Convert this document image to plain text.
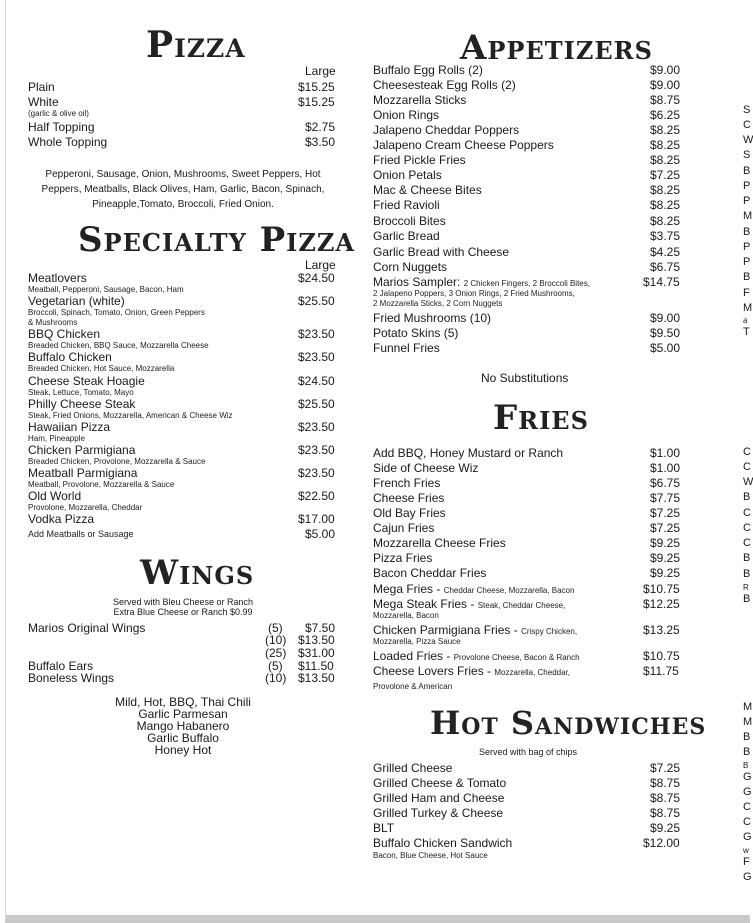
Pizza
Large
Plain	$15.25
White	$15.25
(garlic & olive oil)
Half Topping	$2.75
Whole Topping	$3.50
Pepperoni, Sausage, Onion, Mushrooms, Sweet Peppers, Hot
Peppers, Meatballs, Black Olives, Ham, Garlic, Bacon, Spinach,
Pineapple,Tomato, Broccoli, Fried Onion.
Specialty Pizza
Large
Meatlovers	$24.50
Meatball, Pepperoni, Sausage, Bacon, Ham
Vegetarian (white)	$25.50
Broccoli, Spinach, Tomato, Onion, Green Peppers
& Mushrooms
BBQ Chicken	$23.50
Breaded Chicken, BBQ Sauce, Mozzarella Cheese
Buffalo Chicken	$23.50
Breaded Chicken, Hot Sauce, Mozzarella
Cheese Steak Hoagie	$24.50
Steak, Lettuce, Tomato, Mayo
Philly Cheese Steak	$25.50
Steak, Fried Onions, Mozzarella, American & Cheese Wiz
Hawaiian Pizza	$23.50
Ham, Pineapple
Chicken Parmigiana	$23.50
Breaded Chicken, Provolone, Mozzarella & Sauce
Meatball Parmigiana	$23.50
Meatball, Provolone, Mozzarella & Sauce
Old World	$22.50
Provolone, Mozzarella, Cheddar
Vodka Pizza	$17.00
Add Meatballs or Sausage	$5.00
Wings
Served with Bleu Cheese or Ranch
Extra Blue Cheese or Ranch $0.99
Marios Original Wings	(5) $7.50
(10) $13.50
(25) $31.00
Buffalo Ears	(5) $11.50
Boneless Wings	(10) $13.50
Mild, Hot, BBQ, Thai Chili
Garlic Parmesan
Mango Habanero
Garlic Buffalo
Honey Hot
Appetizers
Buffalo Egg Rolls (2)	$9.00
Cheesesteak Egg Rolls (2)	$9.00
Mozzarella Sticks	$8.75
Onion Rings	$6.25
Jalapeno Cheddar Poppers	$8.25
Jalapeno Cream Cheese Poppers	$8.25
Fried Pickle Fries	$8.25
Onion Petals	$7.25
Mac & Cheese Bites	$8.25
Fried Ravioli	$8.25
Broccoli Bites	$8.25
Garlic Bread	$3.75
Garlic Bread with Cheese	$4.25
Corn Nuggets	$6.75
Marios Sampler: 2 Chicken Fingers, 2 Broccoli Bites,	$14.75
2 Jalapeno Poppers, 3 Onion Rings, 2 Fried Mushrooms,
2 Mozzarella Sticks, 2 Corn Nuggets
Fried Mushrooms (10)	$9.00
Potato Skins (5)	$9.50
Funnel Fries	$5.00
No Substitutions
Fries
Add BBQ, Honey Mustard or Ranch	$1.00
Side of Cheese Wiz	$1.00
French Fries	$6.75
Cheese Fries	$7.75
Old Bay Fries	$7.25
Cajun Fries	$7.25
Mozzarella Cheese Fries	$9.25
Pizza Fries	$9.25
Bacon Cheddar Fries	$9.25
Mega Fries - Cheddar Cheese, Mozzarella, Bacon	$10.75
Mega Steak Fries - Steak, Cheddar Cheese,	$12.25
Mozzarella, Bacon
Chicken Parmigiana Fries - Crispy Chicken,	$13.25
Mozzarella, Pizza Sauce
Loaded Fries - Provolone Cheese, Bacon & Ranch	$10.75
Cheese Lovers Fries - Mozzarella, Cheddar,	$11.75
Provolone & American
Hot Sandwiches
Served with bag of chips
Grilled Cheese	$7.25
Grilled Cheese & Tomato	$8.75
Grilled Ham and Cheese	$8.75
Grilled Turkey & Cheese	$8.75
BLT	$9.25
Buffalo Chicken Sandwich	$12.00
Bacon, Blue Cheese, Hot Sauce
S
C
W
S
B
P
P
M
B
P
P
B
F
M
a
T
C
C
W
B
C
C
C
B
B
R
B
M
M
B
B
B
G
G
C
C
G
w
F
G
